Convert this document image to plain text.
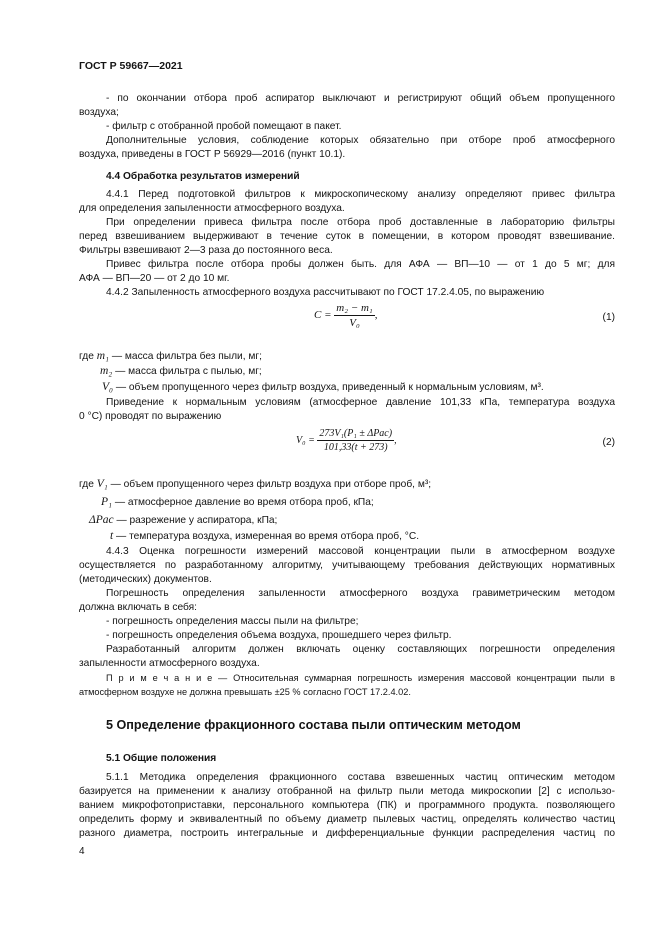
ГОСТ Р 59667—2021
- по окончании отбора проб аспиратор выключают и регистрируют общий объем пропущенного
воздуха;
- фильтр с отобранной пробой помещают в пакет.
Дополнительные условия, соблюдение которых обязательно при отборе проб атмосферного
воздуха, приведены в ГОСТ Р 56929—2016 (пункт 10.1).
4.4 Обработка результатов измерений
4.4.1 Перед подготовкой фильтров к микроскопическому анализу определяют привес фильтра
для определения запыленности атмосферного воздуха.
При определении привеса фильтра после отбора проб доставленные в лабораторию фильтры
перед взвешиванием выдерживают в течение суток в помещении, в котором проводят взвешивание.
Фильтры взвешивают 2—3 раза до постоянного веса.
Привес фильтра после отбора пробы должен быть. для АФА — ВП—10 — от 1 до 5 мг; для
АФА — ВП—20 — от 2 до 10 мг.
4.4.2 Запыленность атмосферного воздуха рассчитывают по ГОСТ 17.2.4.05, по выражению
$C = \frac{\text{m₂ − m₁}}{\text{V₀}}$ ,	(1)
где m₁ — масса фильтра без пыли, мг;
m₂ — масса фильтра с пылью, мг;
V₀ — объем пропущенного через фильтр воздуха, приведенный к нормальным условиям, м³.
Приведение к нормальным условиям (атмосферное давление 101,33 кПа, температура воздуха
0 °С) проводят по выражению
$V_0 = \frac{\text{273V₁(P₁ ± ΔPас)}}{101,33(t + 273)}$ ,	(2)
где V₁ — объем пропущенного через фильтр воздуха при отборе проб, м³;
P₁ — атмосферное давление во время отбора проб, кПа;
ΔPас — разрежение у аспиратора, кПа;
t — температура воздуха, измеренная во время отбора проб, °С.
4.4.3 Оценка погрешности измерений массовой концентрации пыли в атмосферном воздухе
осуществляется по разработанному алгоритму, учитывающему требования действующих нормативных
(методических) документов.
Погрешность определения запыленности атмосферного воздуха гравиметрическим методом
должна включать в себя:
- погрешность определения массы пыли на фильтре;
- погрешность определения объема воздуха, прошедшего через фильтр.
Разработанный алгоритм должен включать оценку составляющих погрешности определения
запыленности атмосферного воздуха.
П р и м е ч а н и е — Относительная суммарная погрешность измерения массовой концентрации пыли в
атмосферном воздухе не должна превышать ±25 % согласно ГОСТ 17.2.4.02.
5 Определение фракционного состава пыли оптическим методом
5.1 Общие положения
5.1.1 Методика определения фракционного состава взвешенных частиц оптическим методом
базируется на применении к анализу отобранной на фильтр пыли метода микроскопии [2] с использо-
ванием микрофотоприставки, персонального компьютера (ПК) и программного продукта. позволяющего
определить форму и эквивалентный по объему диаметр пылевых частиц, определять количество частиц
разного диаметра, построить интегральные и дифференциальные функции распределения частиц по
4
